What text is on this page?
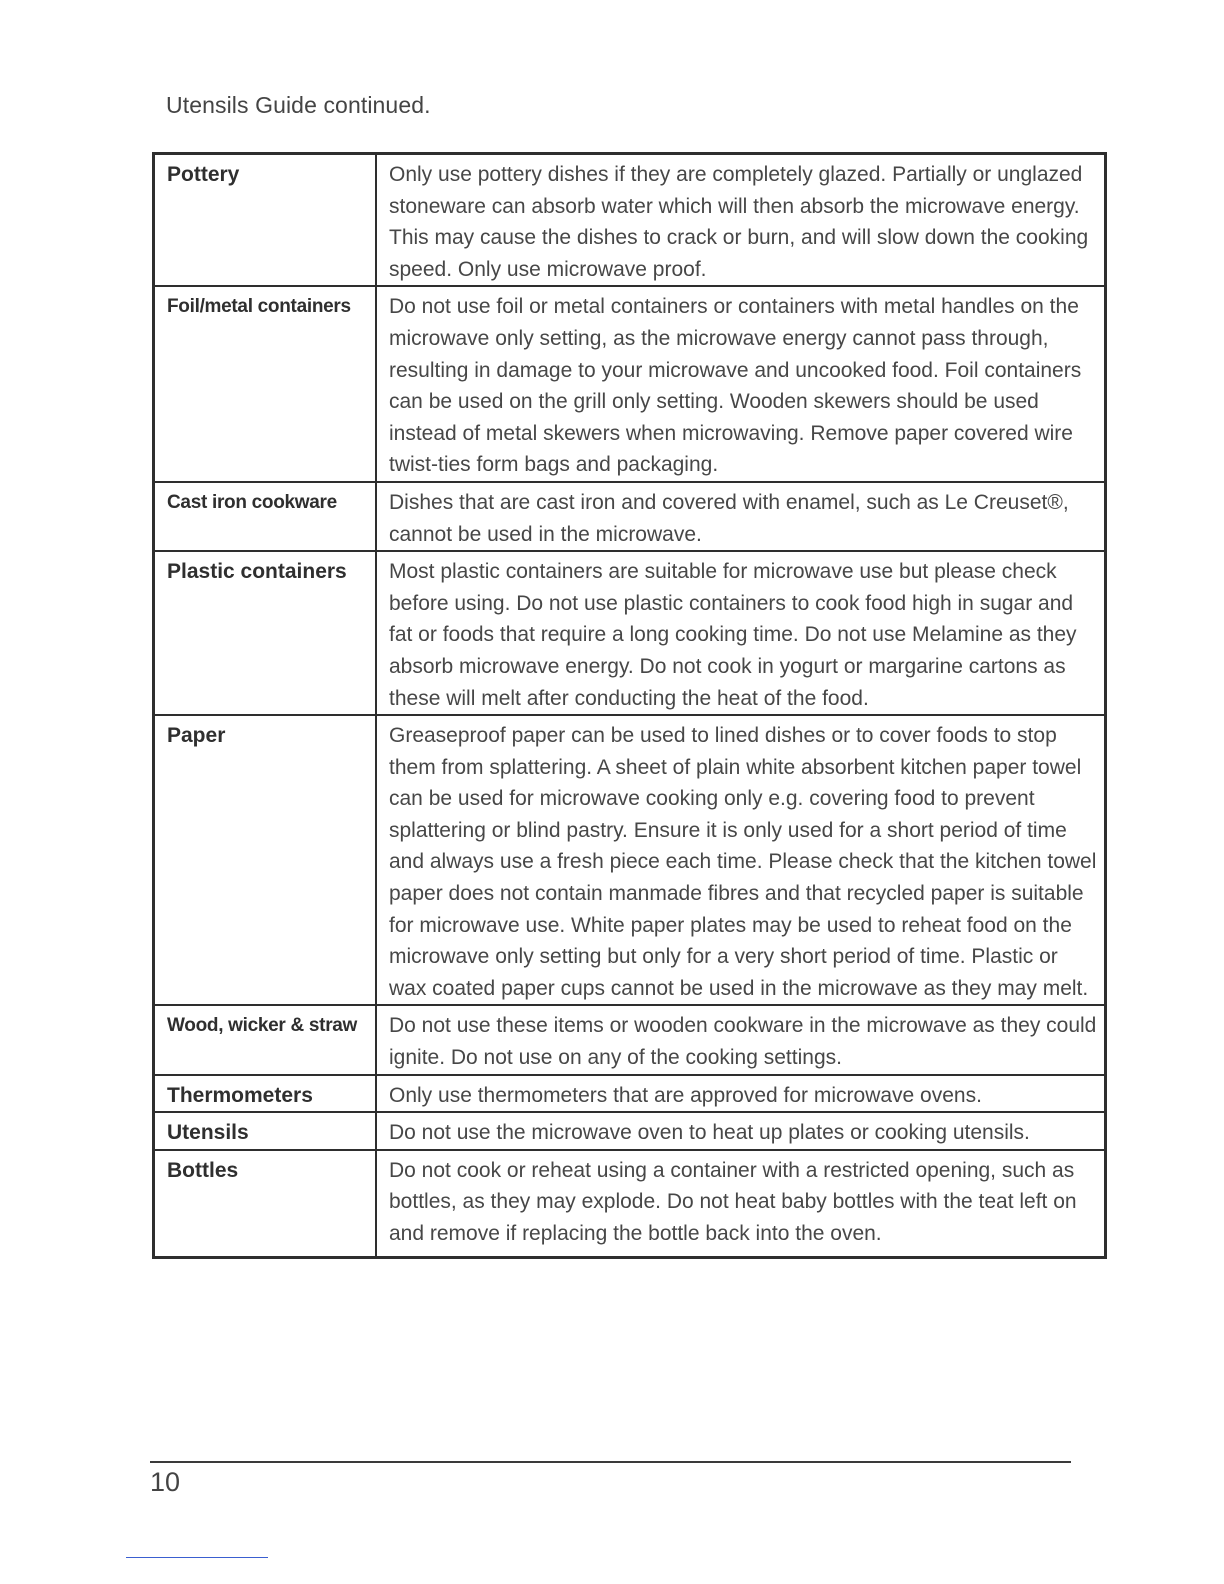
Utensils Guide continued.
Pottery	Only use pottery dishes if they are completely glazed. Partially or unglazed stoneware can absorb water which will then absorb the microwave energy. This may cause the dishes to crack or burn, and will slow down the cooking speed. Only use microwave proof.
Foil/metal containers	Do not use foil or metal containers or containers with metal handles on the microwave only setting, as the microwave energy cannot pass through, resulting in damage to your microwave and uncooked food. Foil containers can be used on the grill only setting. Wooden skewers should be used instead of metal skewers when microwaving. Remove paper covered wire twist-ties form bags and packaging.
Cast iron cookware	Dishes that are cast iron and covered with enamel, such as Le Creuset®, cannot be used in the microwave.
Plastic containers	Most plastic containers are suitable for microwave use but please check before using. Do not use plastic containers to cook food high in sugar and fat or foods that require a long cooking time. Do not use Melamine as they absorb microwave energy. Do not cook in yogurt or margarine cartons as these will melt after conducting the heat of the food.
Paper	Greaseproof paper can be used to lined dishes or to cover foods to stop them from splattering. A sheet of plain white absorbent kitchen paper towel can be used for microwave cooking only e.g. covering food to prevent splattering or blind pastry. Ensure it is only used for a short period of time and always use a fresh piece each time. Please check that the kitchen towel paper does not contain manmade fibres and that recycled paper is suitable for microwave use. White paper plates may be used to reheat food on the microwave only setting but only for a very short period of time. Plastic or wax coated paper cups cannot be used in the microwave as they may melt.
Wood, wicker & straw	Do not use these items or wooden cookware in the microwave as they could ignite. Do not use on any of the cooking settings.
Thermometers	Only use thermometers that are approved for microwave ovens.
Utensils	Do not use the microwave oven to heat up plates or cooking utensils.
Bottles	Do not cook or reheat using a container with a restricted opening, such as bottles, as they may explode. Do not heat baby bottles with the teat left on and remove if replacing the bottle back into the oven.
10
